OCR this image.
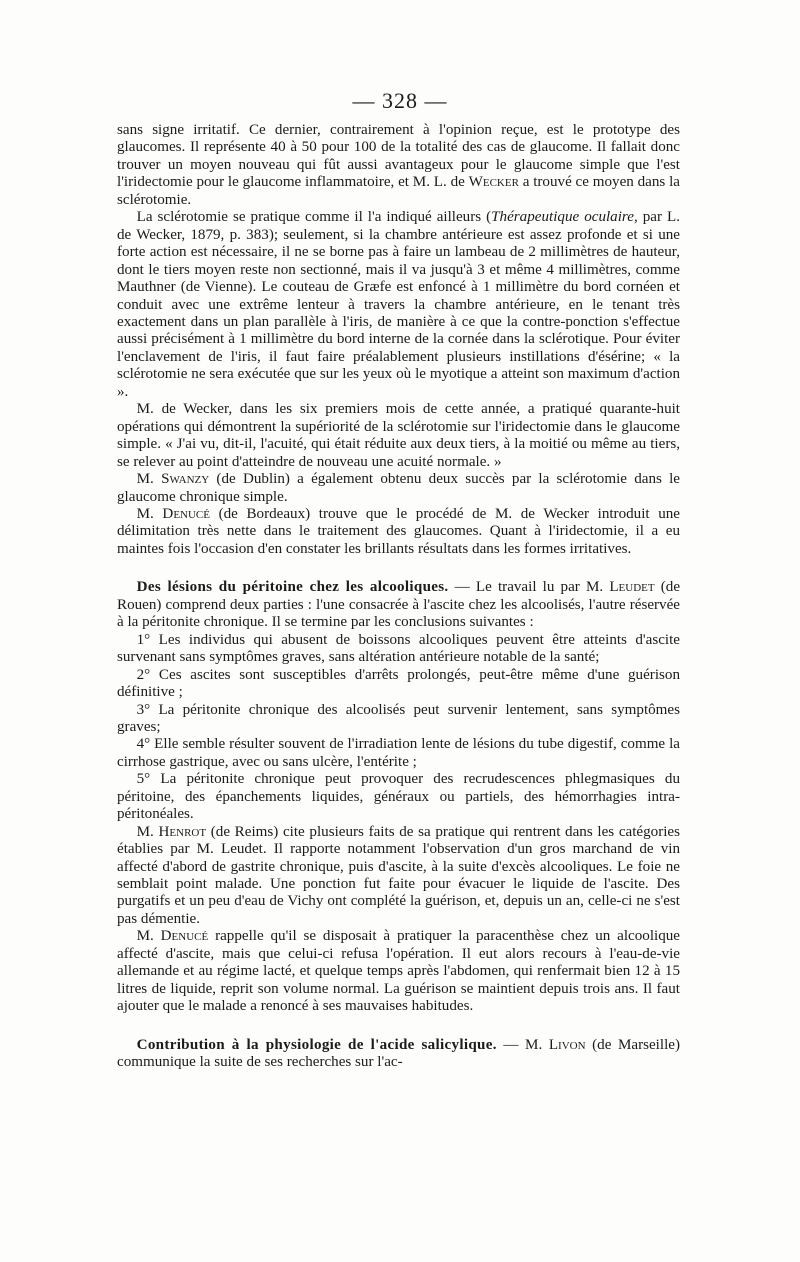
— 328 —

sans signe irritatif. Ce dernier, contrairement à l'opinion reçue, est le prototype des glaucomes. Il représente 40 à 50 pour 100 de la totalité des cas de glaucome. Il fallait donc trouver un moyen nouveau qui fût aussi avantageux pour le glaucome simple que l'est l'iridectomie pour le glaucome inflammatoire, et M. L. de Wecker a trouvé ce moyen dans la sclérotomie.

La sclérotomie se pratique comme il l'a indiqué ailleurs (Thérapeutique oculaire, par L. de Wecker, 1879, p. 383); seulement, si la chambre antérieure est assez profonde et si une forte action est nécessaire, il ne se borne pas à faire un lambeau de 2 millimètres de hauteur, dont le tiers moyen reste non sectionné, mais il va jusqu'à 3 et même 4 millimètres, comme Mauthner (de Vienne). Le couteau de Græfe est enfoncé à 1 millimètre du bord cornéen et conduit avec une extrême lenteur à travers la chambre antérieure, en le tenant très exactement dans un plan parallèle à l'iris, de manière à ce que la contre-ponction s'effectue aussi précisément à 1 millimètre du bord interne de la cornée dans la sclérotique. Pour éviter l'enclavement de l'iris, il faut faire préalablement plusieurs instillations d'ésérine; « la sclérotomie ne sera exécutée que sur les yeux où le myotique a atteint son maximum d'action ».

M. de Wecker, dans les six premiers mois de cette année, a pratiqué quarante-huit opérations qui démontrent la supériorité de la sclérotomie sur l'iridectomie dans le glaucome simple. « J'ai vu, dit-il, l'acuité, qui était réduite aux deux tiers, à la moitié ou même au tiers, se relever au point d'atteindre de nouveau une acuité normale. »

M. Swanzy (de Dublin) a également obtenu deux succès par la sclérotomie dans le glaucome chronique simple.

M. Denucé (de Bordeaux) trouve que le procédé de M. de Wecker introduit une délimitation très nette dans le traitement des glaucomes. Quant à l'iridectomie, il a eu maintes fois l'occasion d'en constater les brillants résultats dans les formes irritatives.

Des lésions du péritoine chez les alcooliques. — Le travail lu par M. Leudet (de Rouen) comprend deux parties : l'une consacrée à l'ascite chez les alcoolisés, l'autre réservée à la péritonite chronique. Il se termine par les conclusions suivantes :

1° Les individus qui abusent de boissons alcooliques peuvent être atteints d'ascite survenant sans symptômes graves, sans altération antérieure notable de la santé;

2° Ces ascites sont susceptibles d'arrêts prolongés, peut-être même d'une guérison définitive ;

3° La péritonite chronique des alcoolisés peut survenir lentement, sans symptômes graves;

4° Elle semble résulter souvent de l'irradiation lente de lésions du tube digestif, comme la cirrhose gastrique, avec ou sans ulcère, l'entérite ;

5° La péritonite chronique peut provoquer des recrudescences phlegmasiques du péritoine, des épanchements liquides, généraux ou partiels, des hémorrhagies intra-péritonéales.

M. Henrot (de Reims) cite plusieurs faits de sa pratique qui rentrent dans les catégories établies par M. Leudet. Il rapporte notamment l'observation d'un gros marchand de vin affecté d'abord de gastrite chronique, puis d'ascite, à la suite d'excès alcooliques. Le foie ne semblait point malade. Une ponction fut faite pour évacuer le liquide de l'ascite. Des purgatifs et un peu d'eau de Vichy ont complété la guérison, et, depuis un an, celle-ci ne s'est pas démentie.

M. Denucé rappelle qu'il se disposait à pratiquer la paracenthèse chez un alcoolique affecté d'ascite, mais que celui-ci refusa l'opération. Il eut alors recours à l'eau-de-vie allemande et au régime lacté, et quelque temps après l'abdomen, qui renfermait bien 12 à 15 litres de liquide, reprit son volume normal. La guérison se maintient depuis trois ans. Il faut ajouter que le malade a renoncé à ses mauvaises habitudes.

Contribution à la physiologie de l'acide salicylique. — M. Livon (de Marseille) communique la suite de ses recherches sur l'ac-
